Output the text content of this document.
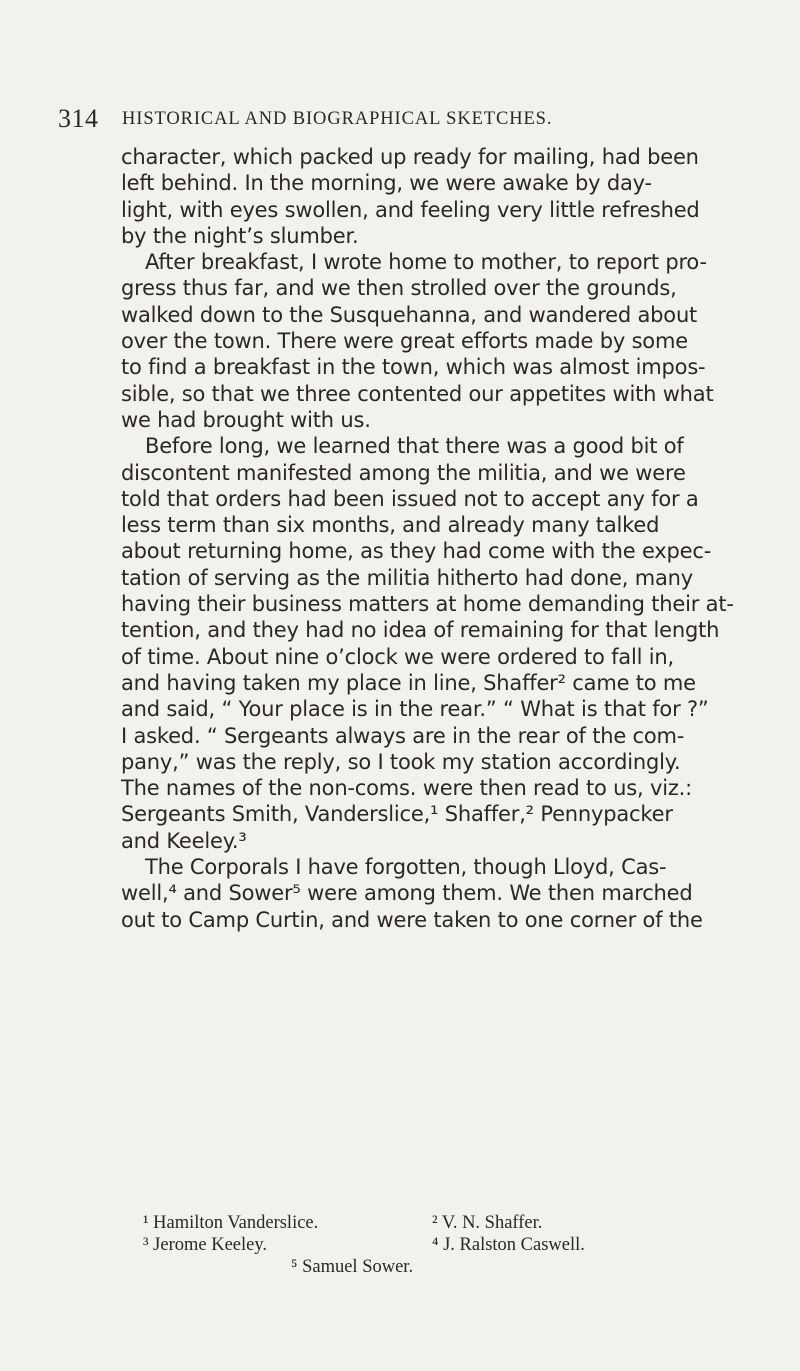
314 HISTORICAL AND BIOGRAPHICAL SKETCHES.
character, which packed up ready for mailing, had been
left behind. In the morning, we were awake by day-
light, with eyes swollen, and feeling very little refreshed
by the night’s slumber.
After breakfast, I wrote home to mother, to report pro-
gress thus far, and we then strolled over the grounds,
walked down to the Susquehanna, and wandered about
over the town. There were great efforts made by some
to find a breakfast in the town, which was almost impos-
sible, so that we three contented our appetites with what
we had brought with us.
Before long, we learned that there was a good bit of
discontent manifested among the militia, and we were
told that orders had been issued not to accept any for a
less term than six months, and already many talked
about returning home, as they had come with the expec-
tation of serving as the militia hitherto had done, many
having their business matters at home demanding their at-
tention, and they had no idea of remaining for that length
of time. About nine o’clock we were ordered to fall in,
and having taken my place in line, Shaffer² came to me
and said, “ Your place is in the rear.” “ What is that for ?”
I asked. “ Sergeants always are in the rear of the com-
pany,” was the reply, so I took my station accordingly.
The names of the non-coms. were then read to us, viz.:
Sergeants Smith, Vanderslice,¹ Shaffer,² Pennypacker
and Keeley.³
The Corporals I have forgotten, though Lloyd, Cas-
well,⁴ and Sower⁵ were among them. We then marched
out to Camp Curtin, and were taken to one corner of the
¹ Hamilton Vanderslice.	² V. N. Shaffer.
³ Jerome Keeley.	⁴ J. Ralston Caswell.
⁵ Samuel Sower.
